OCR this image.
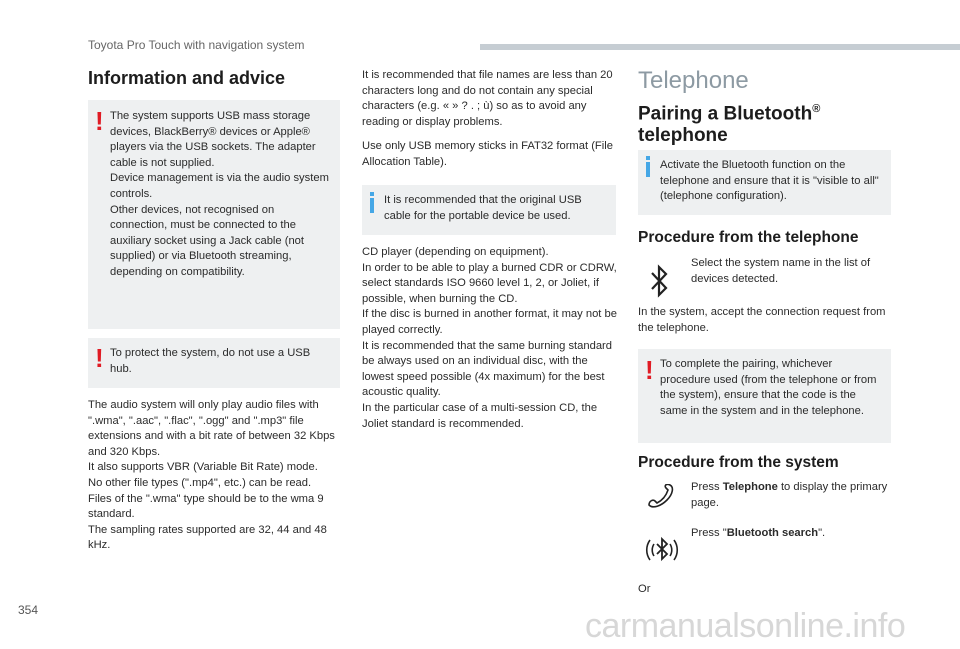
Toyota Pro Touch with navigation system
Information and advice

! The system supports USB mass storage devices, BlackBerry® devices or Apple® players via the USB sockets. The adapter cable is not supplied.
Device management is via the audio system controls.
Other devices, not recognised on connection, must be connected to the auxiliary socket using a Jack cable (not supplied) or via Bluetooth streaming, depending on compatibility.

! To protect the system, do not use a USB hub.

The audio system will only play audio files with ".wma", ".aac", ".flac", ".ogg" and ".mp3" file extensions and with a bit rate of between 32 Kbps and 320 Kbps.
It also supports VBR (Variable Bit Rate) mode.
No other file types (".mp4", etc.) can be read.
Files of the ".wma" type should be to the wma 9 standard.
The sampling rates supported are 32, 44 and 48 kHz.
It is recommended that file names are less than 20 characters long and do not contain any special characters (e.g. « » ? . ; ù) so as to avoid any reading or display problems.
Use only USB memory sticks in FAT32 format (File Allocation Table).

It is recommended that the original USB cable for the portable device be used.

CD player (depending on equipment).
In order to be able to play a burned CDR or CDRW, select standards ISO 9660 level 1, 2, or Joliet, if possible, when burning the CD.
If the disc is burned in another format, it may not be played correctly.
It is recommended that the same burning standard be always used on an individual disc, with the lowest speed possible (4x maximum) for the best acoustic quality.
In the particular case of a multi-session CD, the Joliet standard is recommended.
Telephone
Pairing a Bluetooth®
telephone

Activate the Bluetooth function on the telephone and ensure that it is "visible to all" (telephone configuration).

Procedure from the telephone
Select the system name in the list of devices detected.
In the system, accept the connection request from the telephone.

! To complete the pairing, whichever procedure used (from the telephone or from the system), ensure that the code is the same in the system and in the telephone.

Procedure from the system
Press Telephone to display the primary page.
Press "Bluetooth search".
Or
354	carmanualsonline.info
